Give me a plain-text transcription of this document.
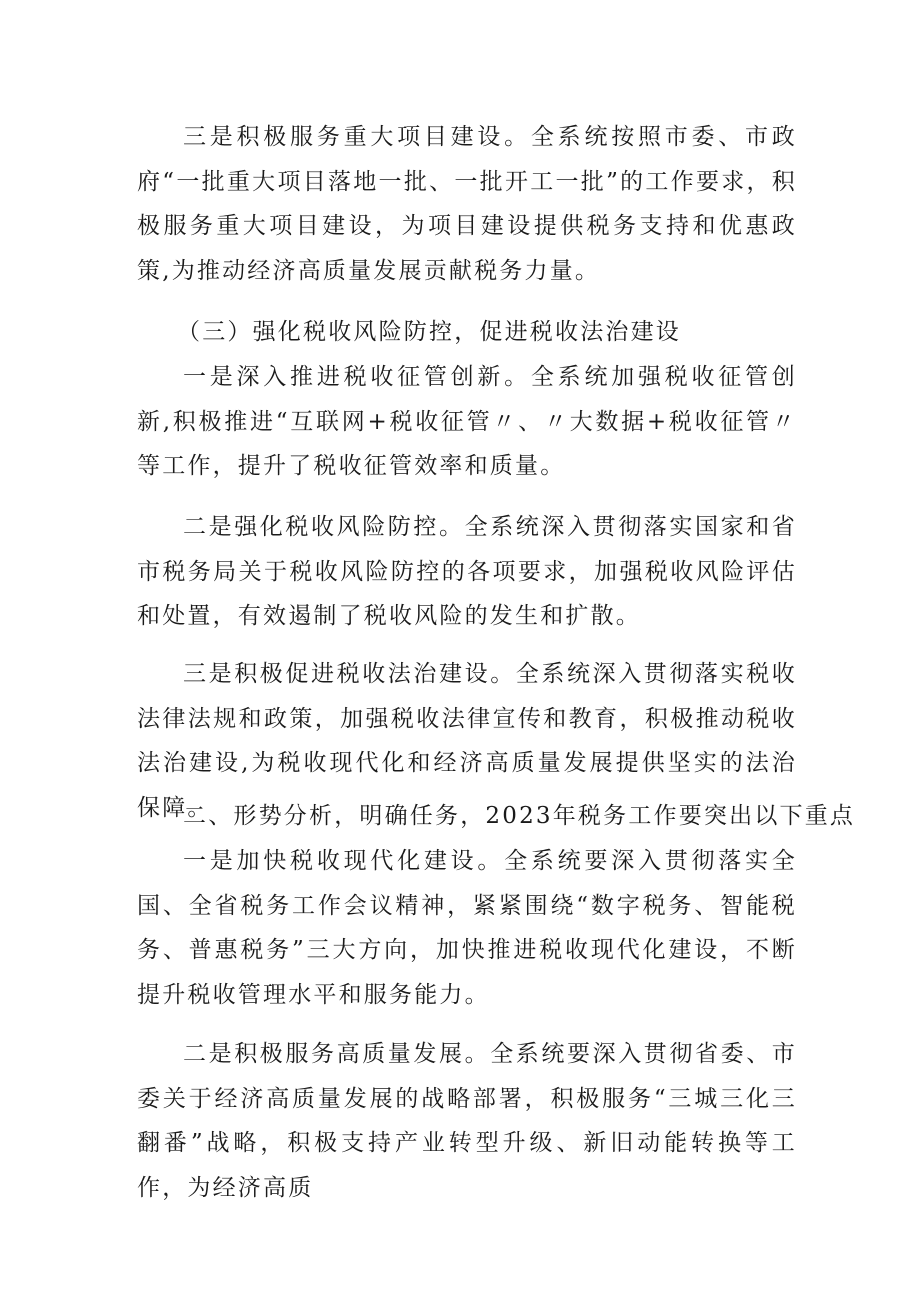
三是积极服务重大项目建设。全系统按照市委、市政府“一批重大项目落地一批、一批开工一批”的工作要求，积极服务重大项目建设，为项目建设提供税务支持和优惠政策,为推动经济高质量发展贡献税务力量。

（三）强化税收风险防控，促进税收法治建设

一是深入推进税收征管创新。全系统加强税收征管创新,积极推进“互联网+税收征管〃、〃大数据+税收征管〃等工作，提升了税收征管效率和质量。

二是强化税收风险防控。全系统深入贯彻落实国家和省市税务局关于税收风险防控的各项要求，加强税收风险评估和处置，有效遏制了税收风险的发生和扩散。

三是积极促进税收法治建设。全系统深入贯彻落实税收法律法规和政策，加强税收法律宣传和教育，积极推动税收法治建设,为税收现代化和经济高质量发展提供坚实的法治保障。

二、形势分析，明确任务，2023年税务工作要突出以下重点

一是加快税收现代化建设。全系统要深入贯彻落实全国、全省税务工作会议精神，紧紧围绕“数字税务、智能税务、普惠税务”三大方向，加快推进税收现代化建设，不断提升税收管理水平和服务能力。

二是积极服务高质量发展。全系统要深入贯彻省委、市委关于经济高质量发展的战略部署，积极服务“三城三化三翻番”战略，积极支持产业转型升级、新旧动能转换等工作，为经济高质
